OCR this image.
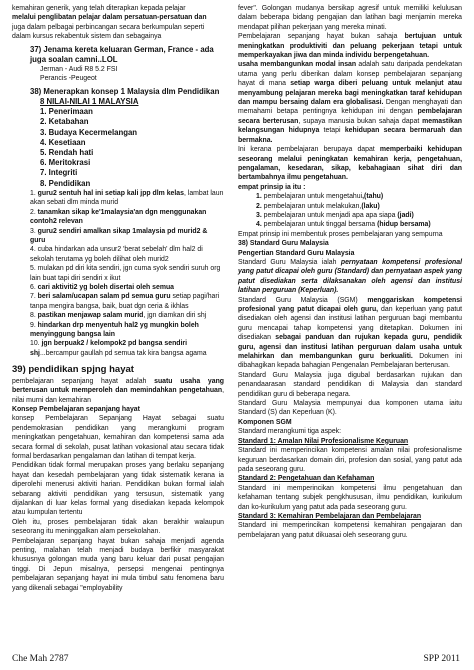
kemahiran generik, yang telah diterapkan kepada pelajar
melalui penglibatan pelajar dalam persatuan-persatuan dan
juga dalam pelbagai perbincangan secara berkumpulan seperti
dalam kursus rekabentuk sistem dan sebagainya
37) Jenama kereta keluaran German, France - ada juga soalan camni..LOL
Jerman - Audi R8 5.2 FSI
Perancis -Peugeot
38) Menerapkan konsep 1 Malaysia dlm Pendidikan
8 NILAI-NILAI 1 MALAYSIA
1. Penerimaan
2. Ketabahan
3. Budaya Kecermelangan
4. Kesetiaan
5. Rendah hati
6. Meritokrasi
7. Integriti
8. Pendidikan
1. guru2 sentuh hal ini setiap kali jpp dlm kelas, lambat laun akan sebati dlm minda murid
2. tanamkan sikap ke'1malaysia'an dgn menggunakan contoh2 relevan
3. guru2 sendiri amalkan sikap 1malaysia pd murid2 & guru
4. cuba hindarkan ada unsur2 'berat sebelah' dlm hal2 di sekolah terutama yg boleh dilihat oleh murid2
5. mulakan pd diri kita sendiri, jgn cuma syok sendiri suruh org lain buat tapi diri sendiri x ikut
6. cari aktiviti2 yg boleh disertai oleh semua
7. beri salam/ucapan salam pd semua guru setiap pagi/hari tanpa mengira bangsa, baik, buat dgn ceria & ikhlas
8. pastikan menjawap salam murid, jgn diamkan diri shj
9. hindarkan drp menyentuh hal2 yg mungkin boleh menyinggung bangsa lain
10. jgn berpuak2 / kelompok2 pd bangsa sendiri shj...bercampur gaullah pd semua tak kira bangsa agama
39) pendidikan spjng hayat
pembelajaran sepanjang hayat adalah suatu usaha yang berterusan untuk memperoleh dan memindahkan pengetahuan, nilai murni dan kemahiran
Konsep Pembelajaran sepanjang hayat
konsep Pembelajaran Sepanjang Hayat sebagai suatu pendemokrasian pendidikan yang merangkumi program meningkatkan pengetahuan, kemahiran dan kompetensi sama ada secara formal di sekolah, pusat latihan vokasional atau secara tidak formal berdasarkan pengalaman dan latihan di tempat kerja.
Pendidikan tidak formal merupakan proses yang berlaku sepanjang hayat dan kesedah pembelajaran yang tidak sistematik kerana ia diperolehi menerusi aktiviti harian. Pendidikan bukan formal ialah sebarang aktiviti pendidikan yang tersusun, sistematik yang dijalankan di luar kelas formal yang disediakan kepada kelompok atau kumpulan tertentu
Oleh itu, proses pembelajaran tidak akan berakhir walaupun seseorang itu meninggalkan alam persekolahan.
Pembelajaran sepanjang hayat bukan sahaja menjadi agenda penting, malahan telah menjadi budaya berfikir masyarakat khususnya golongan muda yang baru keluar dari pusat pengajian tinggi. Di Jepun misalnya, persepsi mengenai pentingnya pembelajaran sepanjang hayat ini mula timbul satu fenomena baru yang dikenali sebagai "employability
fever". Golongan mudanya bersikap agresif untuk memiliki kelulusan dalam beberapa bidang pengajian dan latihan bagi menjamin mereka mendapat pilihan pekerjaan yang mereka minati.
Pembelajaran sepanjang hayat bukan sahaja bertujuan untuk meningkatkan produktiviti dan peluang pekerjaan tetapi untuk memperkayakan jiwa dan minda individu berpengetahuan.
usaha membangunkan modal insan adalah satu daripada pendekatan utama yang perlu diberikan dalam konsep pembelajaran sepanjang hayat di mana setiap warga diberi peluang untuk melanjut atau menyambung pelajaran mereka bagi meningkatkan taraf kehidupan dan mampu bersaing dalam era globalisasi. Dengan menghayati dan memahami betapa pentingnya kehidupan ini dengan pembelajaran secara berterusan, supaya manusia bukan sahaja dapat memastikan kelangsungan hidupnya tetapi kehidupan secara bermaruah dan bermakna.
Ini kerana pembelajaran berupaya dapat memperbaiki kehidupan seseorang melalui peningkatan kemahiran kerja, pengetahuan, pengalaman, kesedaran, sikap, kebahagiaan sihat diri dan bertambahnya ilmu pengetahuan.
empat prinsip ia itu :
1. pembelajaran untuk mengetahui,(tahu)
2. pembelajaran untuk melakukan,(laku)
3. pembelajaran untuk menjadi apa apa siapa (jadi)
4. pembelajaran untuk tinggal bersama (hidup bersama)
Empat prinsip ini membentuk proses pembelajaran yang sempurna
38) Standard Guru Malaysia
Pengertian Standard Guru Malaysia
Standard Guru Malaysia ialah pernyataan kompetensi profesional yang patut dicapai oleh guru (Standard) dan pernyataan aspek yang patut disediakan serta dilaksanakan oleh agensi dan institusi latihan perguruan (Keperluan).
Standard Guru Malaysia (SGM) menggariskan kompetensi profesional yang patut dicapai oleh guru, dan keperluan yang patut disediakan oleh agensi dan institusi latihan perguruan bagi membantu guru mencapai tahap kompetensi yang ditetapkan. Dokumen ini disediakan sebagai panduan dan rujukan kepada guru, pendidik guru, agensi dan institusi latihan perguruan dalam usaha untuk melahirkan dan membangunkan guru berkualiti. Dokumen ini dibahagikan kepada bahagian Pengenalan Pembelajaran berterusan.
Standard Guru Malaysia juga digubal berdasarkan rujukan dan penandaarasan standard pendidikan di Malaysia dan standard pendidikan guru di beberapa negara.
Standard Guru Malaysia mempunyai dua komponen utama iaitu Standard (S) dan Keperluan (K).
Komponen SGM
Standard merangkumi tiga aspek:
Standard 1: Amalan Nilai Profesionalisme Keguruan
Standard ini memperincikan kompetensi amalan nilai profesionalisme keguruan berdasarkan domain diri, profesion dan sosial, yang patut ada pada seseorang guru.
Standard 2: Pengetahuan dan Kefahaman
Standard ini memperincikan kompetensi ilmu pengetahuan dan kefahaman tentang subjek pengkhususan, ilmu pendidikan, kurikulum dan ko-kurikulum yang patut ada pada seseorang guru.
Standard 3: Kemahiran Pembelajaran dan Pembelajaran
Standard ini memperincikan kompetensi kemahiran pengajaran dan pembelajaran yang patut dikuasai oleh seseorang guru.
Che Mah 2787	SPP 2011
